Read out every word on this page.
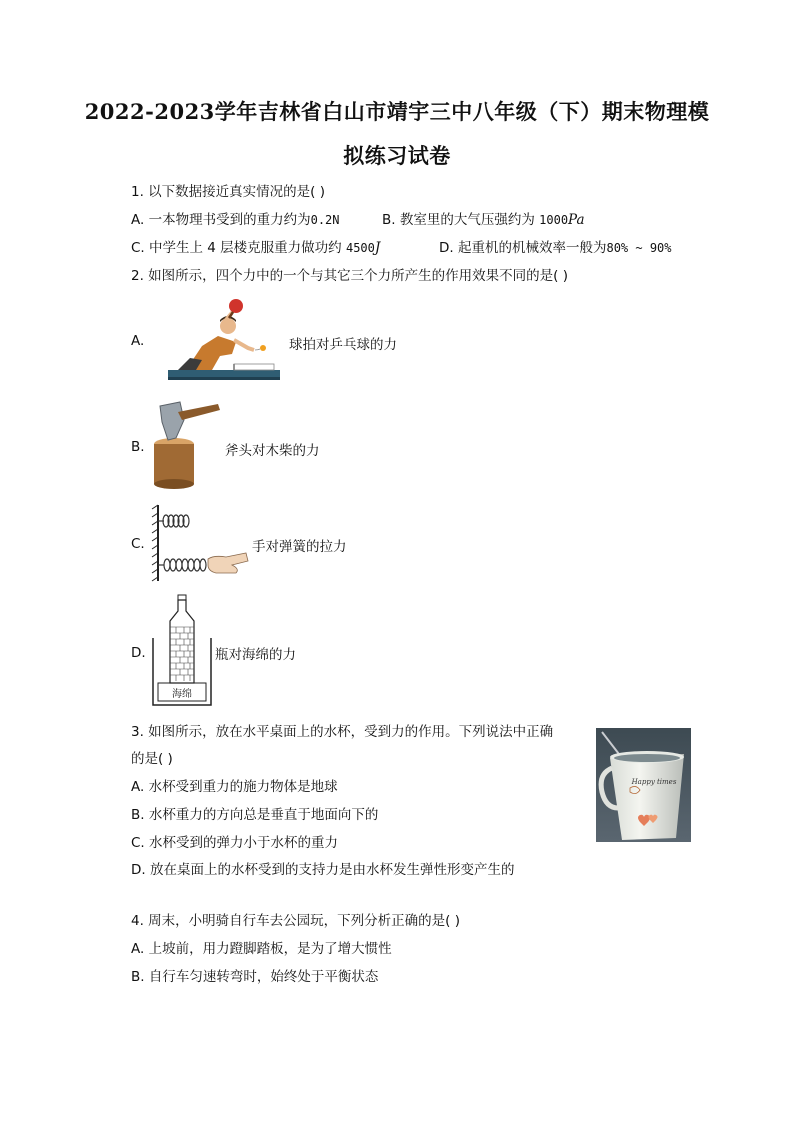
2022-2023学年吉林省白山市靖宇三中八年级（下）期末物理模
拟练习试卷
1. 以下数据接近真实情况的是( )
A. 一本物理书受到的重力约为0.2N	B. 教室里的大气压强约为 1000Pa
C. 中学生上 4 层楼克服重力做功约 4500J	D. 起重机的机械效率一般为80% ~ 90%
2. 如图所示，四个力中的一个与其它三个力所产生的作用效果不同的是( )
A.	球拍对乒乓球的力
B.	斧头对木柴的力
C.	手对弹簧的拉力
D.
海绵
瓶对海绵的力
3. 如图所示，放在水平桌面上的水杯，受到力的作用。下列说法中正确
的是( )
A. 水杯受到重力的施力物体是地球
B. 水杯重力的方向总是垂直于地面向下的
C. 水杯受到的弹力小于水杯的重力
D. 放在桌面上的水杯受到的支持力是由水杯发生弹性形变产生的
Happy times
4. 周末，小明骑自行车去公园玩，下列分析正确的是( )
A. 上坡前，用力蹬脚踏板，是为了增大惯性
B. 自行车匀速转弯时，始终处于平衡状态
